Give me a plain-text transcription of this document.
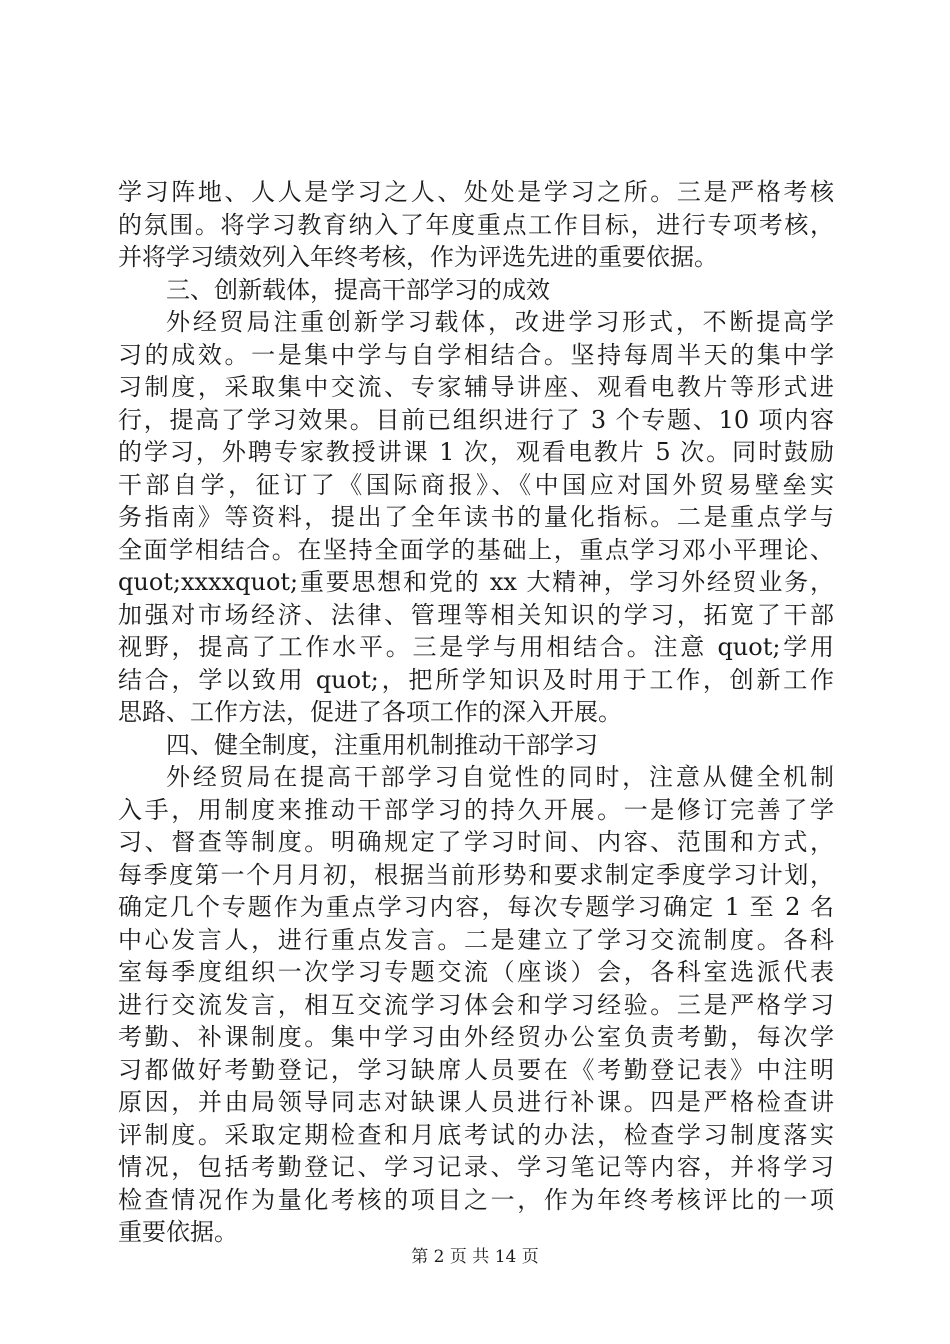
学习阵地、人人是学习之人、处处是学习之所。三是严格考核
的氛围。将学习教育纳入了年度重点工作目标，进行专项考核，
并将学习绩效列入年终考核，作为评选先进的重要依据。
三、创新载体，提高干部学习的成效
外经贸局注重创新学习载体，改进学习形式，不断提高学
习的成效。一是集中学与自学相结合。坚持每周半天的集中学
习制度，采取集中交流、专家辅导讲座、观看电教片等形式进
行，提高了学习效果。目前已组织进行了 3 个专题、10 项内容
的学习，外聘专家教授讲课 1 次，观看电教片 5 次。同时鼓励
干部自学，征订了《国际商报》、《中国应对国外贸易壁垒实
务指南》等资料，提出了全年读书的量化指标。二是重点学与
全面学相结合。在坚持全面学的基础上，重点学习邓小平理论、
quot;xxxxquot;重要思想和党的 xx 大精神，学习外经贸业务，
加强对市场经济、法律、管理等相关知识的学习，拓宽了干部
视野，提高了工作水平。三是学与用相结合。注意 quot;学用
结合，学以致用 quot;，把所学知识及时用于工作，创新工作
思路、工作方法，促进了各项工作的深入开展。
四、健全制度，注重用机制推动干部学习
外经贸局在提高干部学习自觉性的同时，注意从健全机制
入手，用制度来推动干部学习的持久开展。一是修订完善了学
习、督查等制度。明确规定了学习时间、内容、范围和方式，
每季度第一个月月初，根据当前形势和要求制定季度学习计划，
确定几个专题作为重点学习内容，每次专题学习确定 1 至 2 名
中心发言人，进行重点发言。二是建立了学习交流制度。各科
室每季度组织一次学习专题交流（座谈）会，各科室选派代表
进行交流发言，相互交流学习体会和学习经验。三是严格学习
考勤、补课制度。集中学习由外经贸办公室负责考勤，每次学
习都做好考勤登记，学习缺席人员要在《考勤登记表》中注明
原因，并由局领导同志对缺课人员进行补课。四是严格检查讲
评制度。采取定期检查和月底考试的办法，检查学习制度落实
情况，包括考勤登记、学习记录、学习笔记等内容，并将学习
检查情况作为量化考核的项目之一，作为年终考核评比的一项
重要依据。
第 2 页 共 14 页
